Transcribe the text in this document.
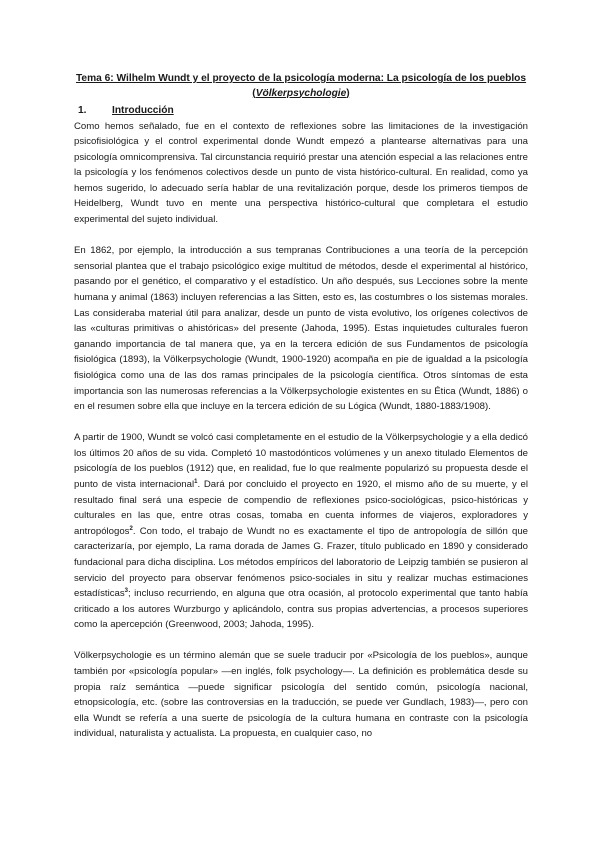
Tema 6: Wilhelm Wundt y el proyecto de la psicología moderna: La psicología de los pueblos
(Völkerpsychologie)
1.	Introducción

Como hemos señalado, fue en el contexto de reflexiones sobre las limitaciones de la investigación psicofisiológica y el control experimental donde Wundt empezó a plantearse alternativas para una psicología omnicomprensiva. Tal circunstancia requirió prestar una atención especial a las relaciones entre la psicología y los fenómenos colectivos desde un punto de vista histórico-cultural. En realidad, como ya hemos sugerido, lo adecuado sería hablar de una revitalización porque, desde los primeros tiempos de Heidelberg, Wundt tuvo en mente una perspectiva histórico-cultural que completara el estudio experimental del sujeto individual.

En 1862, por ejemplo, la introducción a sus tempranas Contribuciones a una teoría de la percepción sensorial plantea que el trabajo psicológico exige multitud de métodos, desde el experimental al histórico, pasando por el genético, el comparativo y el estadístico. Un año después, sus Lecciones sobre la mente humana y animal (1863) incluyen referencias a las Sitten, esto es, las costumbres o los sistemas morales. Las consideraba material útil para analizar, desde un punto de vista evolutivo, los orígenes colectivos de las «culturas primitivas o ahistóricas» del presente (Jahoda, 1995). Estas inquietudes culturales fueron ganando importancia de tal manera que, ya en la tercera edición de sus Fundamentos de psicología fisiológica (1893), la Völkerpsychologie (Wundt, 1900-1920) acompaña en pie de igualdad a la psicología fisiológica como una de las dos ramas principales de la psicología científica. Otros síntomas de esta importancia son las numerosas referencias a la Völkerpsychologie existentes en su Ética (Wundt, 1886) o en el resumen sobre ella que incluye en la tercera edición de su Lógica (Wundt, 1880-1883/1908).

A partir de 1900, Wundt se volcó casi completamente en el estudio de la Völkerpsychologie y a ella dedicó los últimos 20 años de su vida. Completó 10 mastodónticos volúmenes y un anexo titulado Elementos de psicología de los pueblos (1912) que, en realidad, fue lo que realmente popularizó su propuesta desde el punto de vista internacional$^1$. Dará por concluido el proyecto en 1920, el mismo año de su muerte, y el resultado final será una especie de compendio de reflexiones psico-sociológicas, psico-históricas y culturales en las que, entre otras cosas, tomaba en cuenta informes de viajeros, exploradores y antropólogos$^2$. Con todo, el trabajo de Wundt no es exactamente el tipo de antropología de sillón que caracterizaría, por ejemplo, La rama dorada de James G. Frazer, título publicado en 1890 y considerado fundacional para dicha disciplina. Los métodos empíricos del laboratorio de Leipzig también se pusieron al servicio del proyecto para observar fenómenos psico-sociales in situ y realizar muchas estimaciones estadísticas$^3$; incluso recurriendo, en alguna que otra ocasión, al protocolo experimental que tanto había criticado a los autores Wurzburgo y aplicándolo, contra sus propias advertencias, a procesos superiores como la apercepción (Greenwood, 2003; Jahoda, 1995).

Völkerpsychologie es un término alemán que se suele traducir por «Psicología de los pueblos», aunque también por «psicología popular» —en inglés, folk psychology—. La definición es problemática desde su propia raíz semántica —puede significar psicología del sentido común, psicología nacional, etnopsicología, etc. (sobre las controversias en la traducción, se puede ver Gundlach, 1983)—, pero con ella Wundt se refería a una suerte de psicología de la cultura humana en contraste con la psicología individual, naturalista y actualista. La propuesta, en cualquier caso, no
